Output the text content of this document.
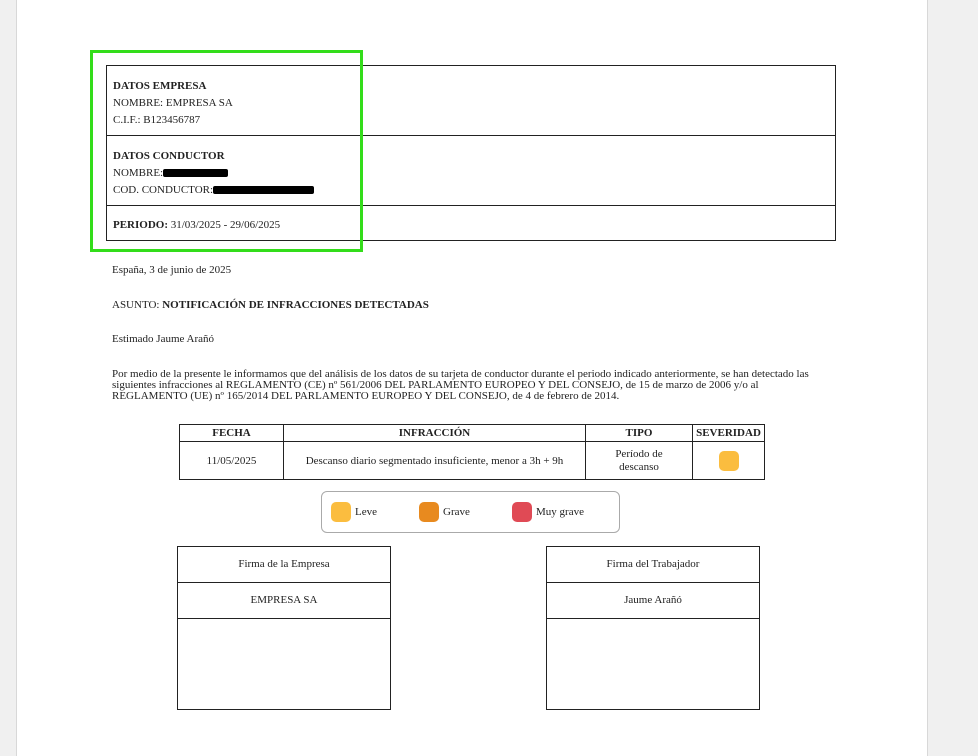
DATOS EMPRESA
NOMBRE: EMPRESA SA
C.I.F.: B123456787
DATOS CONDUCTOR
NOMBRE:
COD. CONDUCTOR:
PERIODO: 31/03/2025 - 29/06/2025
España, 3 de junio de 2025
ASUNTO: NOTIFICACIÓN DE INFRACCIONES DETECTADAS
Estimado Jaume Arañó
Por medio de la presente le informamos que del análisis de los datos de su tarjeta de conductor durante el periodo indicado anteriormente, se han detectado las siguientes infracciones al REGLAMENTO (CE) nº 561/2006 DEL PARLAMENTO EUROPEO Y DEL CONSEJO, de 15 de marzo de 2006 y/o al REGLAMENTO (UE) nº 165/2014 DEL PARLAMENTO EUROPEO Y DEL CONSEJO, de 4 de febrero de 2014.
FECHA	INFRACCIÓN	TIPO	SEVERIDAD
11/05/2025	Descanso diario segmentado insuficiente, menor a 3h + 9h	Período de descanso	

Leve	Grave	Muy grave
Firma de la Empresa
EMPRESA SA
Firma del Trabajador
Jaume Arañó
